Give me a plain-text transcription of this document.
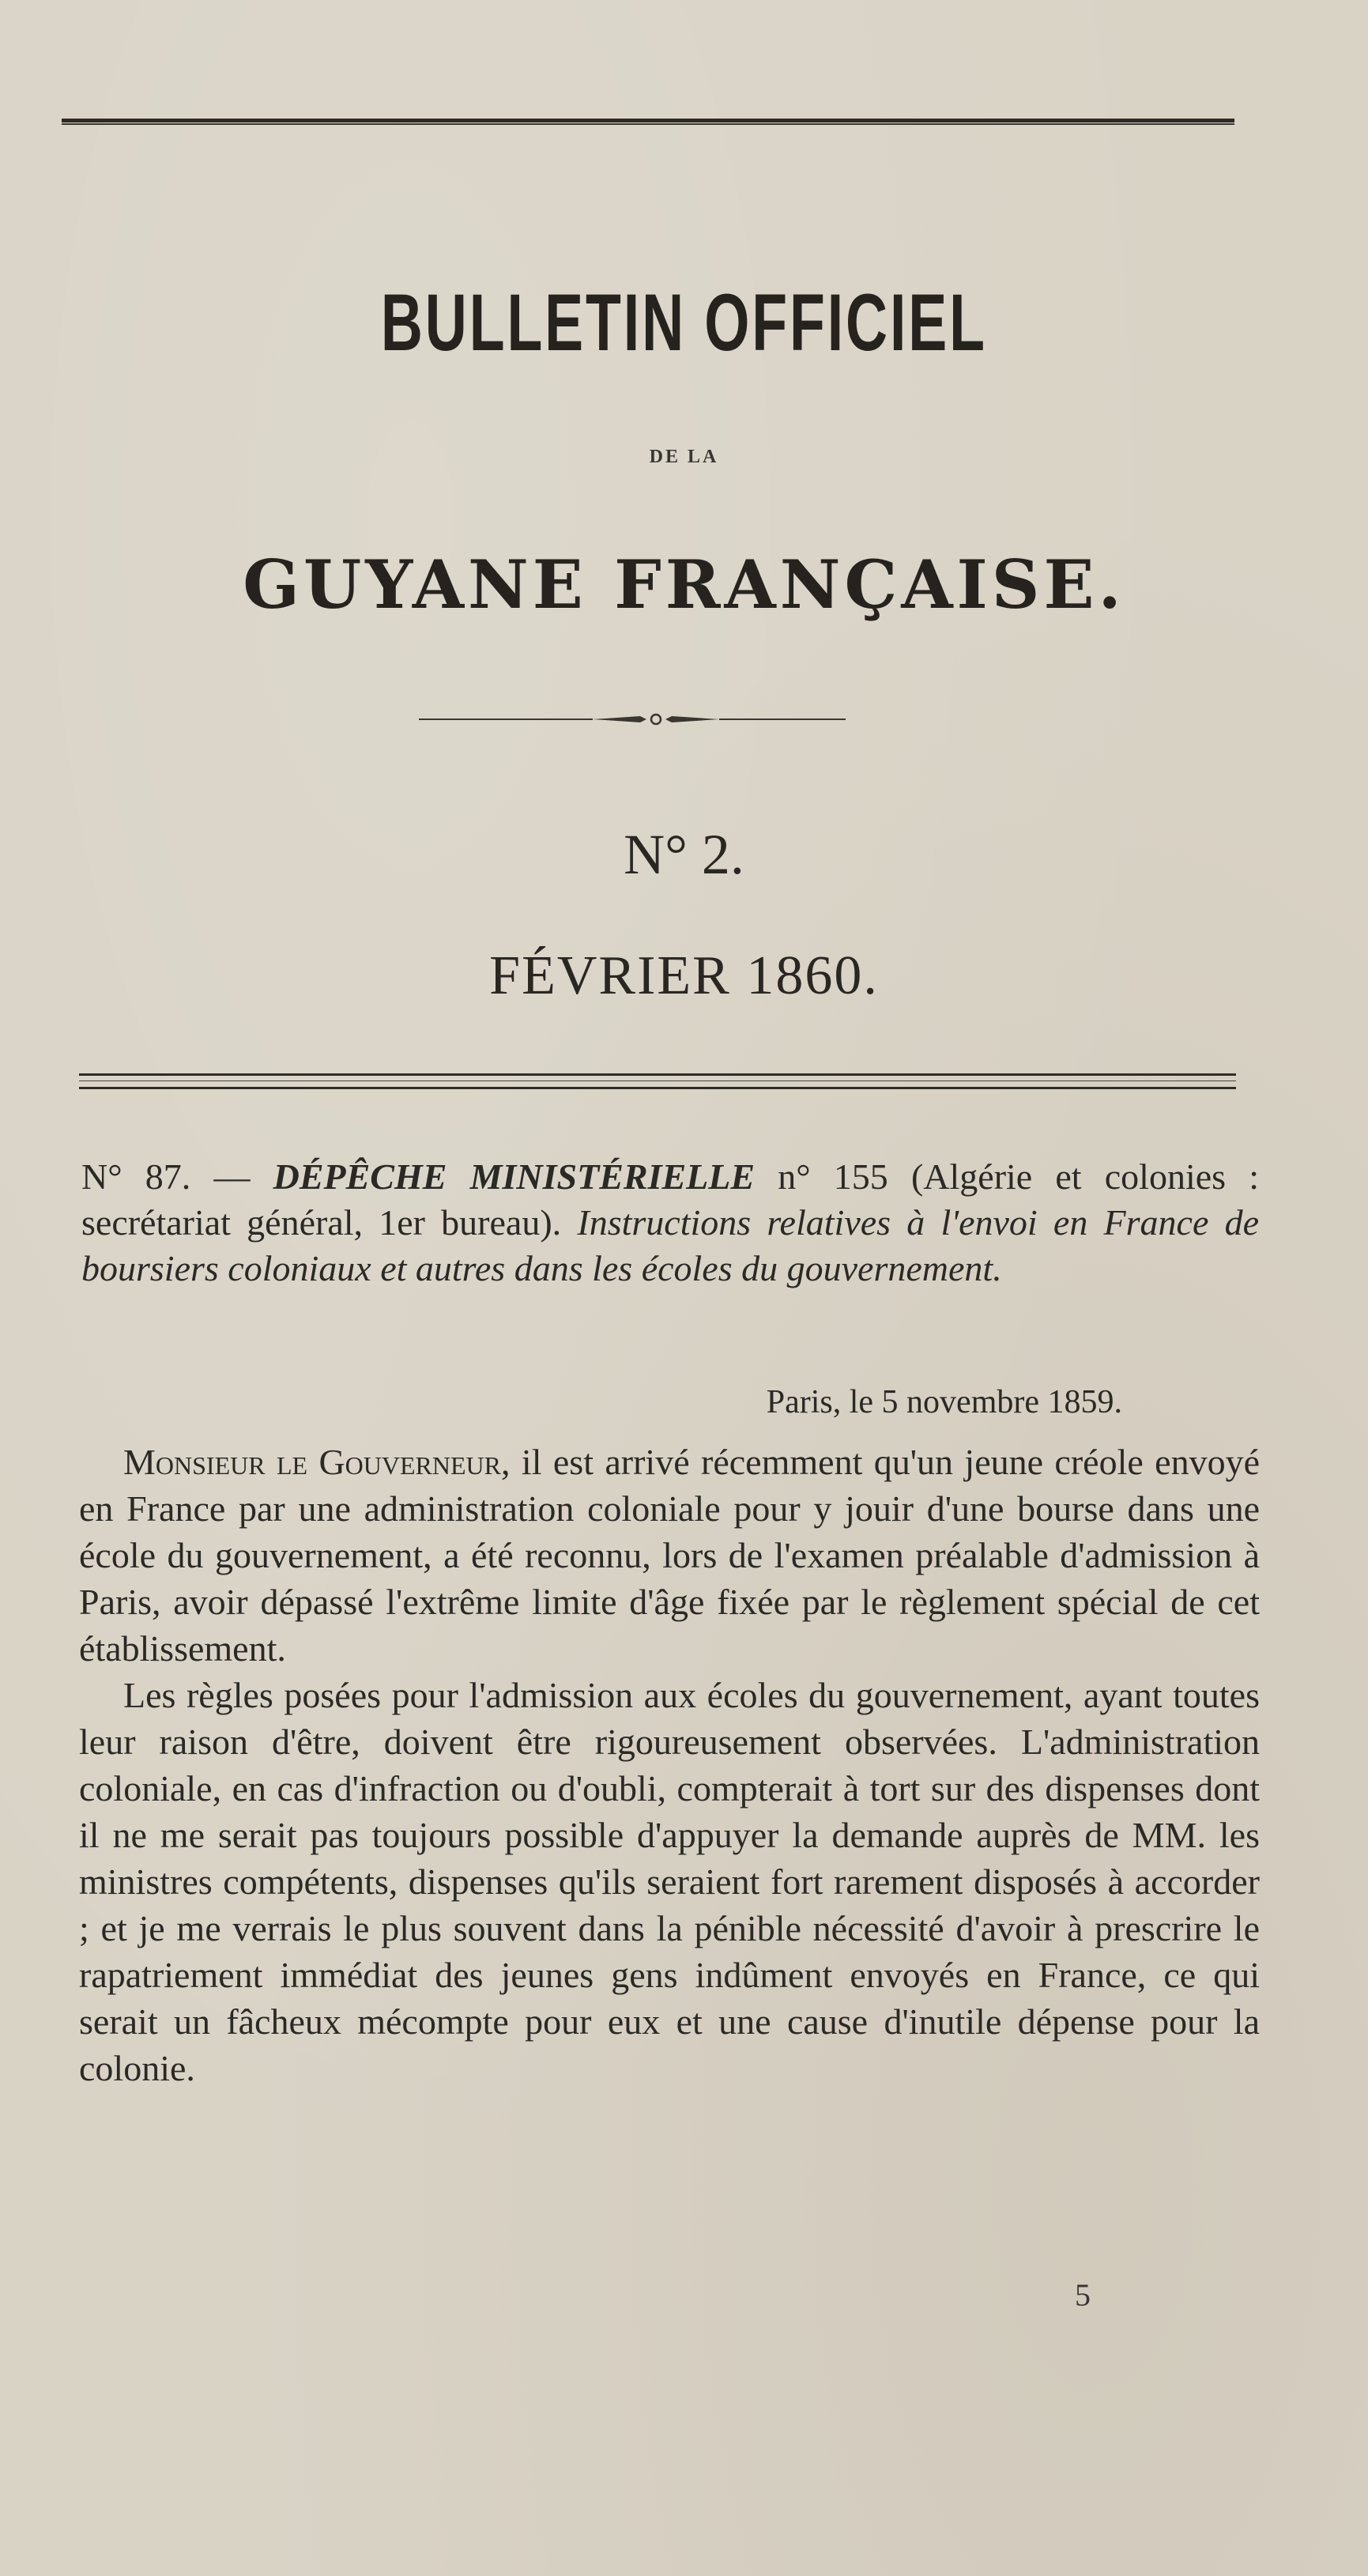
BULLETIN OFFICIEL
DE LA
GUYANE FRANÇAISE.
N° 2.
FÉVRIER 1860.
N° 87. — DÉPÊCHE MINISTÉRIELLE n° 155 (Algérie et colonies : secrétariat général, 1er bureau). Instructions relatives à l'envoi en France de boursiers coloniaux et autres dans les écoles du gouvernement.
Paris, le 5 novembre 1859.

Monsieur le Gouverneur, il est arrivé récemment qu'un jeune créole envoyé en France par une administration coloniale pour y jouir d'une bourse dans une école du gouvernement, a été reconnu, lors de l'examen préalable d'admission à Paris, avoir dépassé l'extrême limite d'âge fixée par le règlement spécial de cet établissement.

Les règles posées pour l'admission aux écoles du gouvernement, ayant toutes leur raison d'être, doivent être rigoureusement observées. L'administration coloniale, en cas d'infraction ou d'oubli, compterait à tort sur des dispenses dont il ne me serait pas toujours possible d'appuyer la demande auprès de MM. les ministres compétents, dispenses qu'ils seraient fort rarement disposés à accorder ; et je me verrais le plus souvent dans la pénible nécessité d'avoir à prescrire le rapatriement immédiat des jeunes gens indûment envoyés en France, ce qui serait un fâcheux mécompte pour eux et une cause d'inutile dépense pour la colonie.

5
